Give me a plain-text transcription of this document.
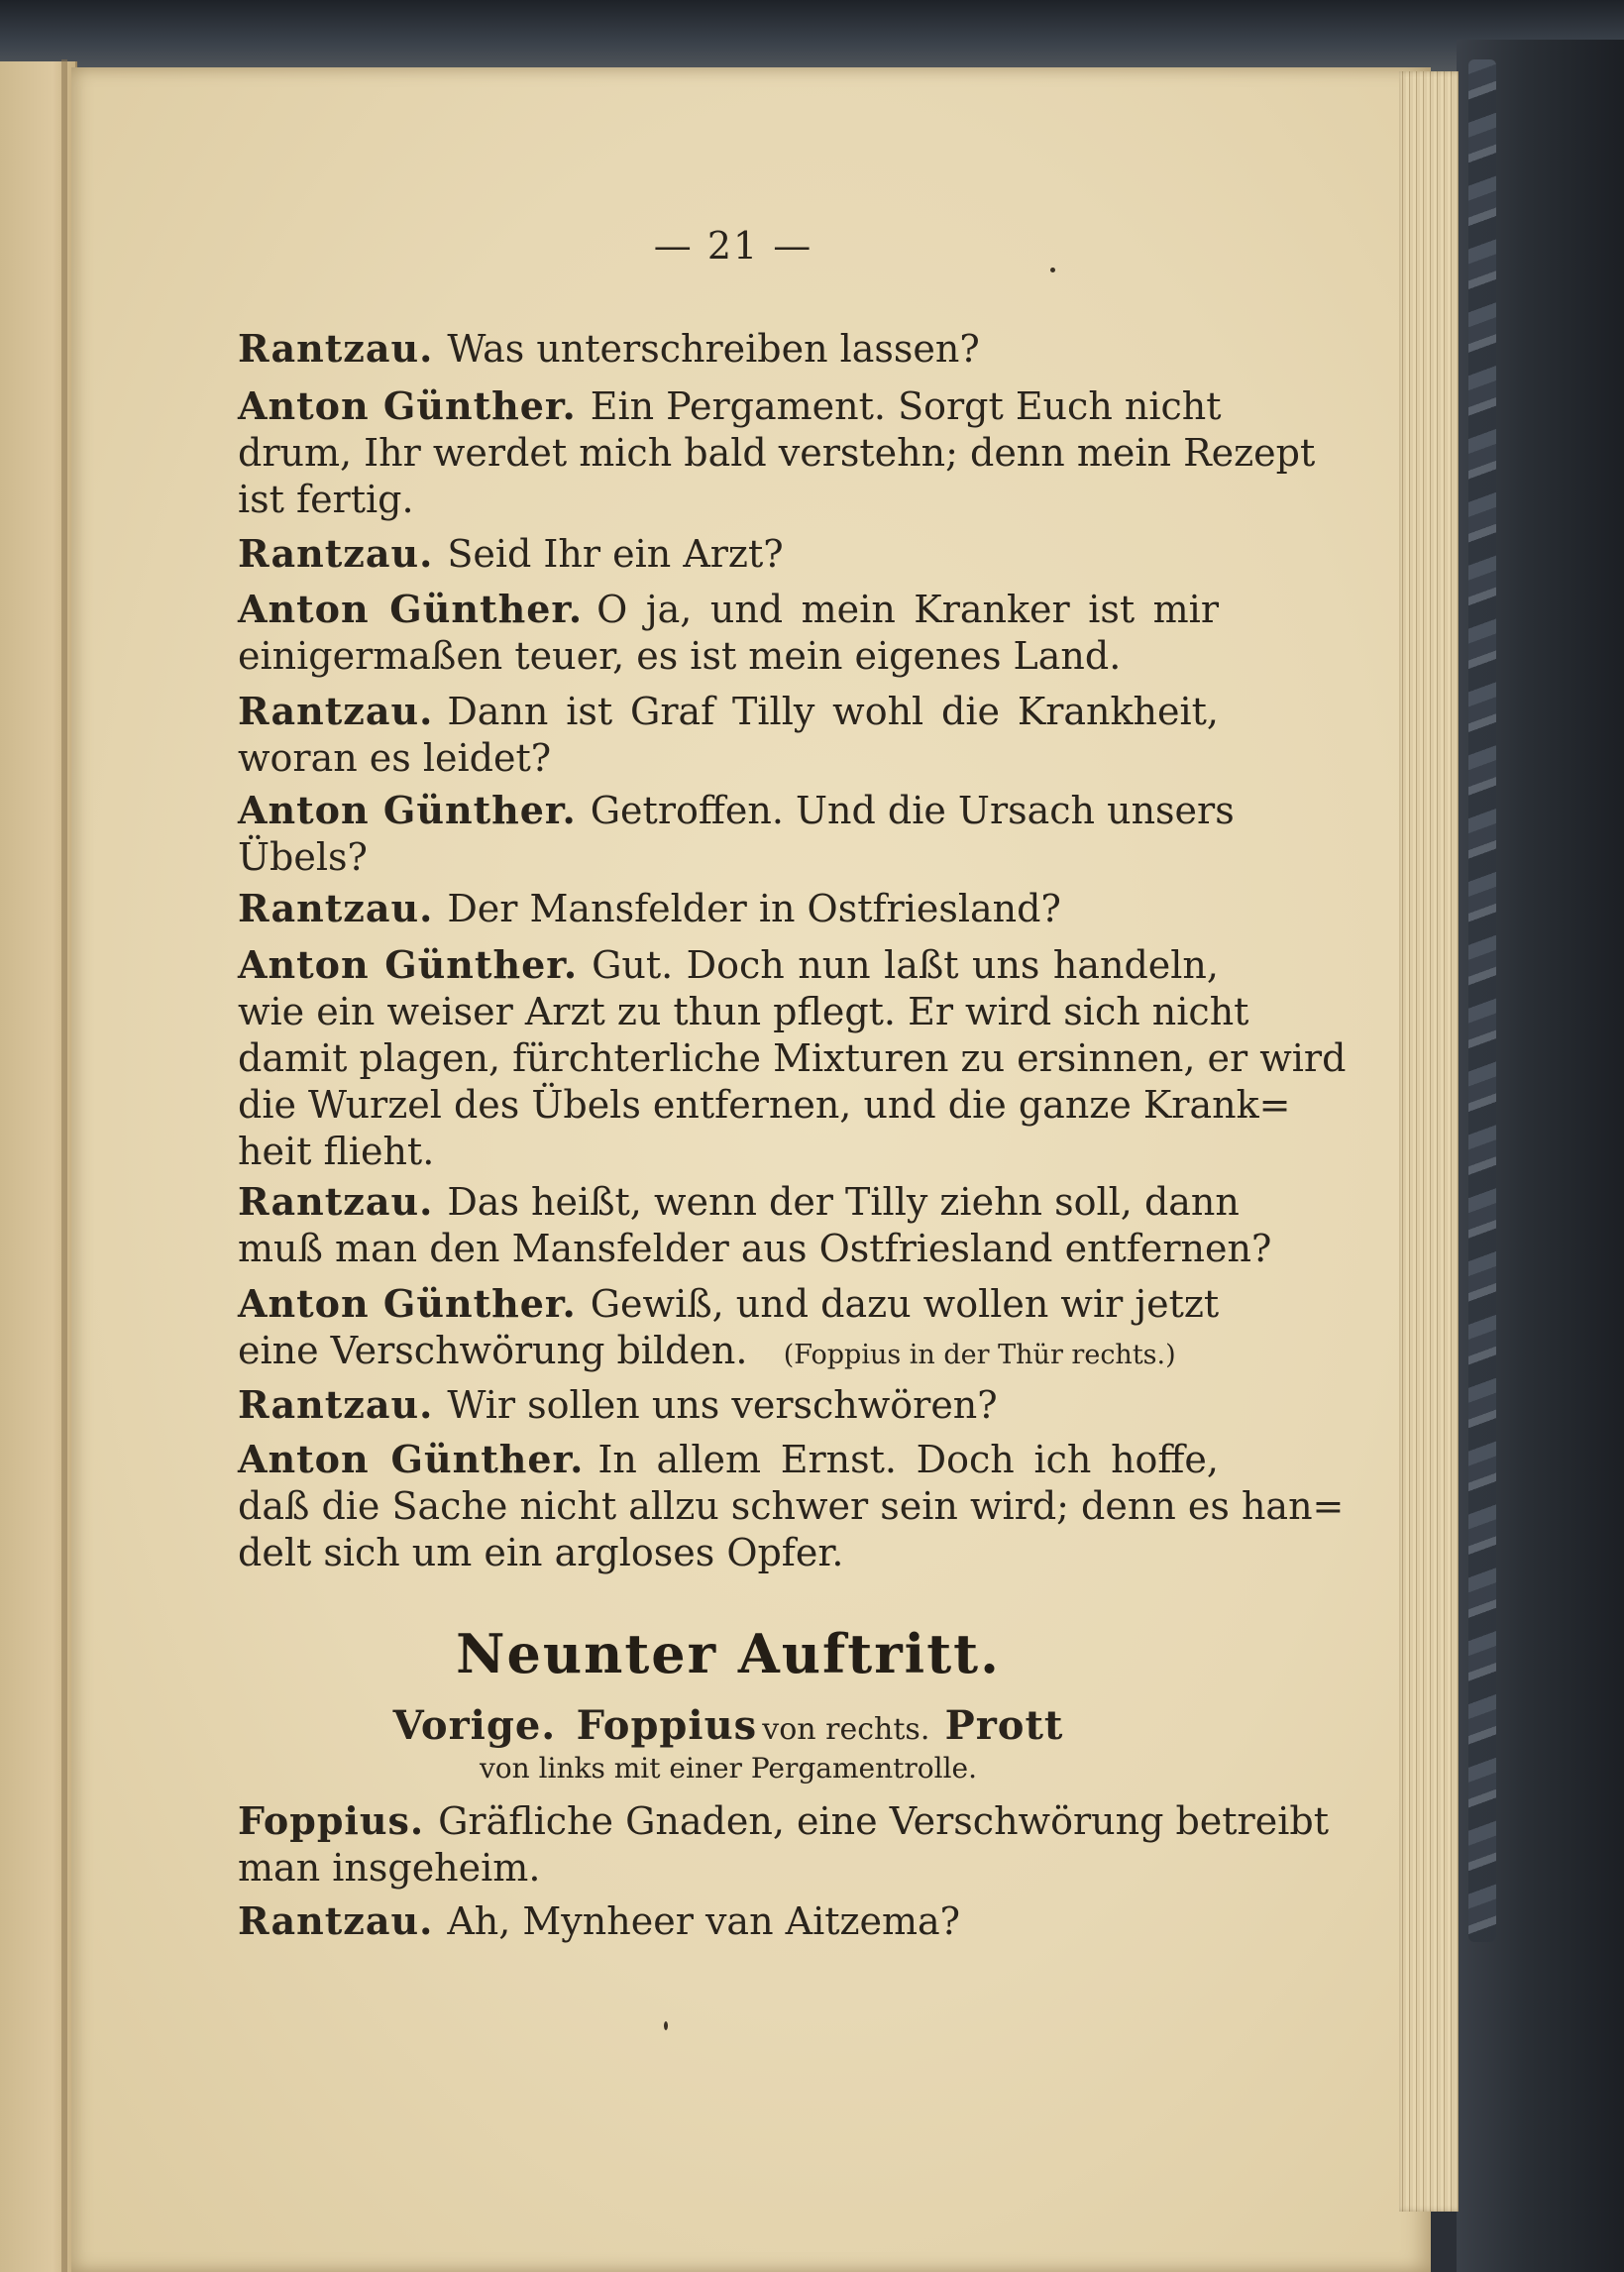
— 21 —
Rantzau. Was unterschreiben lassen?
Anton Günther. Ein Pergament. Sorgt Euch nicht
drum, Ihr werdet mich bald verstehn; denn mein Rezept
ist fertig.
Rantzau. Seid Ihr ein Arzt?
Anton Günther. O ja, und mein Kranker ist mir
einigermaßen teuer, es ist mein eigenes Land.
Rantzau. Dann ist Graf Tilly wohl die Krankheit,
woran es leidet?
Anton Günther. Getroffen. Und die Ursach unsers
Übels?
Rantzau. Der Mansfelder in Ostfriesland?
Anton Günther. Gut. Doch nun laßt uns handeln,
wie ein weiser Arzt zu thun pflegt. Er wird sich nicht
damit plagen, fürchterliche Mixturen zu ersinnen, er wird
die Wurzel des Übels entfernen, und die ganze Krank=
heit flieht.
Rantzau. Das heißt, wenn der Tilly ziehn soll, dann
muß man den Mansfelder aus Ostfriesland entfernen?
Anton Günther. Gewiß, und dazu wollen wir jetzt
eine Verschwörung bilden. (Foppius in der Thür rechts.)
Rantzau. Wir sollen uns verschwören?
Anton Günther. In allem Ernst. Doch ich hoffe,
daß die Sache nicht allzu schwer sein wird; denn es han=
delt sich um ein argloses Opfer.
Neunter Auftritt.
Vorige. Foppius von rechts. Prott
von links mit einer Pergamentrolle.
Foppius. Gräfliche Gnaden, eine Verschwörung betreibt
man insgeheim.
Rantzau. Ah, Mynheer van Aitzema?
